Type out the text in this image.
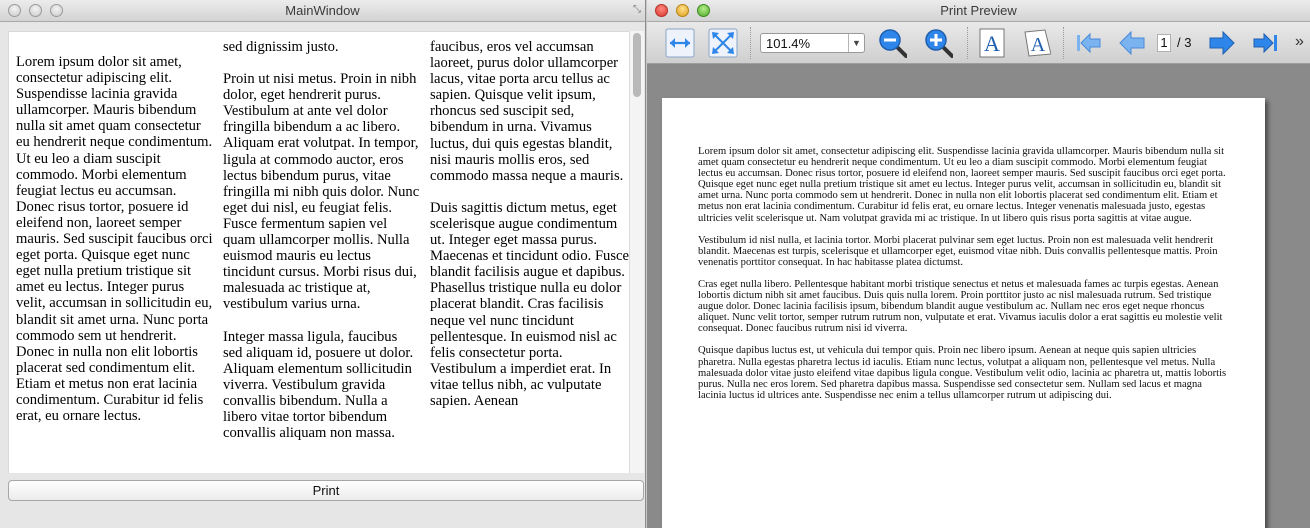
MainWindow	⤡

Lorem ipsum dolor sit amet, consectetur adipiscing elit. Suspendisse lacinia gravida ullamcorper. Mauris bibendum nulla sit amet quam consectetur eu hendrerit neque condimentum. Ut eu leo a diam suscipit commodo. Morbi elementum feugiat lectus eu accumsan. Donec risus tortor, posuere id eleifend non, laoreet semper mauris. Sed suscipit faucibus orci eget porta. Quisque eget nunc eget nulla pretium tristique sit amet eu lectus. Integer purus velit, accumsan in sollicitudin eu, blandit sit amet urna. Nunc porta commodo sem ut hendrerit. Donec in nulla non elit lobortis placerat sed condimentum elit. Etiam et metus non erat lacinia condimentum. Curabitur id felis erat, eu ornare lectus.

sed dignissim justo.

Proin ut nisi metus. Proin in nibh dolor, eget hendrerit purus. Vestibulum at ante vel dolor fringilla bibendum a ac libero. Aliquam erat volutpat. In tempor, ligula at commodo auctor, eros lectus bibendum purus, vitae fringilla mi nibh quis dolor. Nunc eget dui nisl, eu feugiat felis. Fusce fermentum sapien vel quam ullamcorper mollis. Nulla euismod mauris eu lectus tincidunt cursus. Morbi risus dui, malesuada ac tristique at, vestibulum varius urna.

Integer massa ligula, faucibus sed aliquam id, posuere ut dolor. Aliquam elementum sollicitudin viverra. Vestibulum gravida convallis bibendum. Nulla a libero vitae tortor bibendum convallis aliquam non massa.

faucibus, eros vel accumsan laoreet, purus dolor ullamcorper lacus, vitae porta arcu tellus ac sapien. Quisque velit ipsum, rhoncus sed suscipit sed, bibendum in urna. Vivamus luctus, dui quis egestas blandit, nisi mauris mollis eros, sed commodo massa neque a mauris.

Duis sagittis dictum metus, eget scelerisque augue condimentum ut. Integer eget massa purus. Maecenas et tincidunt odio. Fusce blandit facilisis augue et dapibus. Phasellus tristique nulla eu dolor placerat blandit. Cras facilisis neque vel nunc tincidunt pellentesque. In euismod nisl ac felis consectetur porta. Vestibulum a imperdiet erat. In vitae tellus nibh, ac vulputate sapien. Aenean

Print
Print Preview
101.4%	▼	A A	1 / 3	»

Lorem ipsum dolor sit amet, consectetur adipiscing elit. Suspendisse lacinia gravida ullamcorper. Mauris bibendum nulla sit amet quam consectetur eu hendrerit neque condimentum. Ut eu leo a diam suscipit commodo. Morbi elementum feugiat lectus eu accumsan. Donec risus tortor, posuere id eleifend non, laoreet semper mauris. Sed suscipit faucibus orci eget porta. Quisque eget nunc eget nulla pretium tristique sit amet eu lectus. Integer purus velit, accumsan in sollicitudin eu, blandit sit amet urna. Nunc porta commodo sem ut hendrerit. Donec in nulla non elit lobortis placerat sed condimentum elit. Etiam et metus non erat lacinia condimentum. Curabitur id felis erat, eu ornare lectus. Integer venenatis malesuada justo, egestas ultricies velit scelerisque ut. Nam volutpat gravida mi ac tristique. In ut libero quis risus porta sagittis at vitae augue.

Vestibulum id nisl nulla, et lacinia tortor. Morbi placerat pulvinar sem eget luctus. Proin non est malesuada velit hendrerit blandit. Maecenas est turpis, scelerisque et ullamcorper eget, euismod vitae nibh. Duis convallis pellentesque mattis. Proin venenatis porttitor consequat. In hac habitasse platea dictumst.

Cras eget nulla libero. Pellentesque habitant morbi tristique senectus et netus et malesuada fames ac turpis egestas. Aenean lobortis dictum nibh sit amet faucibus. Duis quis nulla lorem. Proin porttitor justo ac nisl malesuada rutrum. Sed tristique augue dolor. Donec lacinia facilisis ipsum, bibendum blandit augue vestibulum ac. Nullam nec eros eget neque rhoncus aliquet. Nunc velit tortor, semper rutrum rutrum non, vulputate et erat. Vivamus iaculis dolor a erat sagittis eu molestie velit consequat. Donec faucibus rutrum nisi id viverra.

Quisque dapibus luctus est, ut vehicula dui tempor quis. Proin nec libero ipsum. Aenean at neque quis sapien ultricies pharetra. Nulla egestas pharetra lectus id iaculis. Etiam nunc lectus, volutpat a aliquam non, pellentesque vel metus. Nulla malesuada dolor vitae justo eleifend vitae dapibus ligula congue. Vestibulum velit odio, lacinia ac pharetra ut, mattis lobortis purus. Nulla nec eros lorem. Sed pharetra dapibus massa. Suspendisse sed consectetur sem. Nullam sed lacus et magna lacinia luctus id ultrices ante. Suspendisse nec enim a tellus ullamcorper rutrum ut adipiscing dui.
